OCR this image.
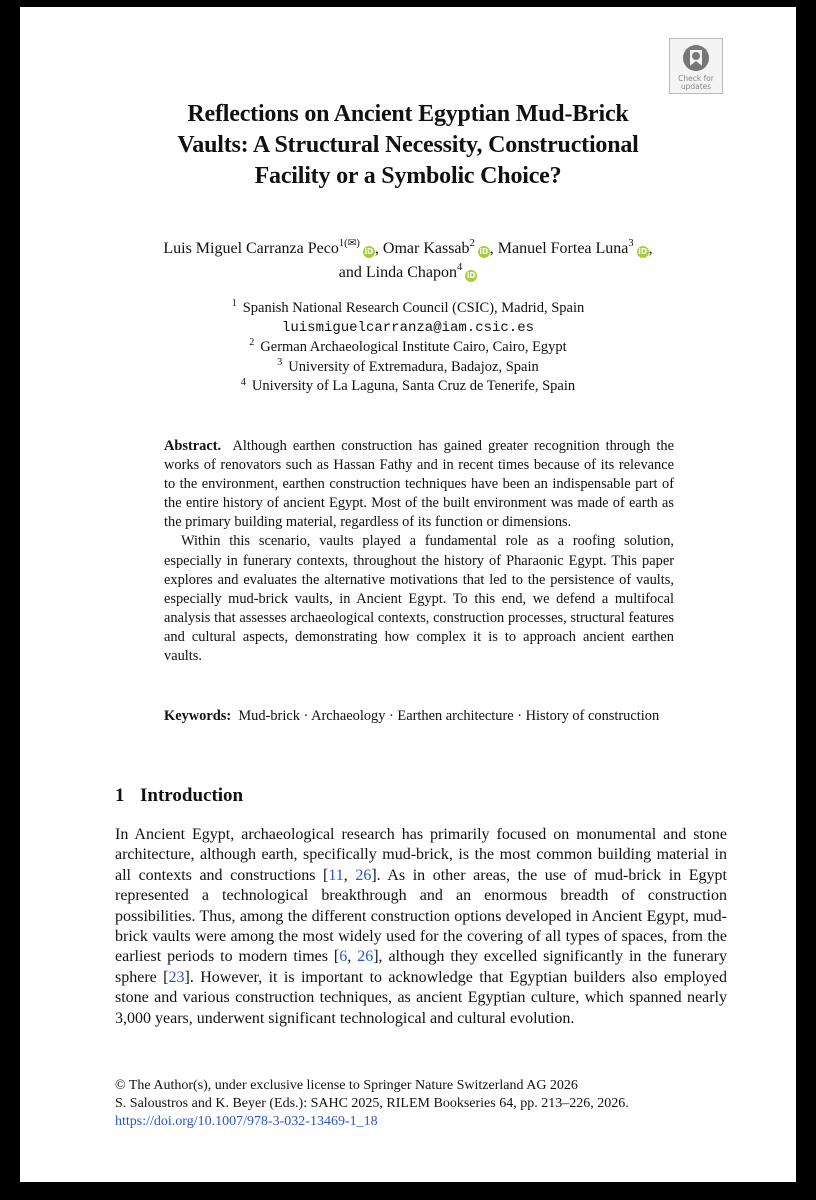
Check for
updates
Reflections on Ancient Egyptian Mud-Brick
Vaults: A Structural Necessity, Constructional
Facility or a Symbolic Choice?
Luis Miguel Carranza Peco$^{1(✉)}$iD , Omar Kassab$^2$iD , Manuel Fortea Luna$^3$iD ,
and Linda Chapon$^4$iD
$^1$ Spanish National Research Council (CSIC), Madrid, Spain
luismiguelcarranza@iam.csic.es
$^2$ German Archaeological Institute Cairo, Cairo, Egypt
$^3$ University of Extremadura, Badajoz, Spain
$^4$ University of La Laguna, Santa Cruz de Tenerife, Spain

Abstract. Although earthen construction has gained greater recognition through the works of renovators such as Hassan Fathy and in recent times because of its relevance to the environment, earthen construction techniques have been an indispensable part of the entire history of ancient Egypt. Most of the built environment was made of earth as the primary building material, regardless of its function or dimensions.

Within this scenario, vaults played a fundamental role as a roofing solution, especially in funerary contexts, throughout the history of Pharaonic Egypt. This paper explores and evaluates the alternative motivations that led to the persistence of vaults, especially mud-brick vaults, in Ancient Egypt. To this end, we defend a multifocal analysis that assesses archaeological contexts, construction processes, structural features and cultural aspects, demonstrating how complex it is to approach ancient earthen vaults.

Keywords: Mud-brick · Archaeology · Earthen architecture · History of construction
1 Introduction

In Ancient Egypt, archaeological research has primarily focused on monumental and stone architecture, although earth, specifically mud-brick, is the most common building material in all contexts and constructions [11, 26]. As in other areas, the use of mud-brick in Egypt represented a technological breakthrough and an enormous breadth of construction possibilities. Thus, among the different construction options developed in Ancient Egypt, mud-brick vaults were among the most widely used for the covering of all types of spaces, from the earliest periods to modern times [6, 26], although they excelled significantly in the funerary sphere [23]. However, it is important to acknowledge that Egyptian builders also employed stone and various construction techniques, as ancient Egyptian culture, which spanned nearly 3,000 years, underwent significant technological and cultural evolution.

© The Author(s), under exclusive license to Springer Nature Switzerland AG 2026
S. Saloustros and K. Beyer (Eds.): SAHC 2025, RILEM Bookseries 64, pp. 213–226, 2026.
https://doi.org/10.1007/978-3-032-13469-1_18
